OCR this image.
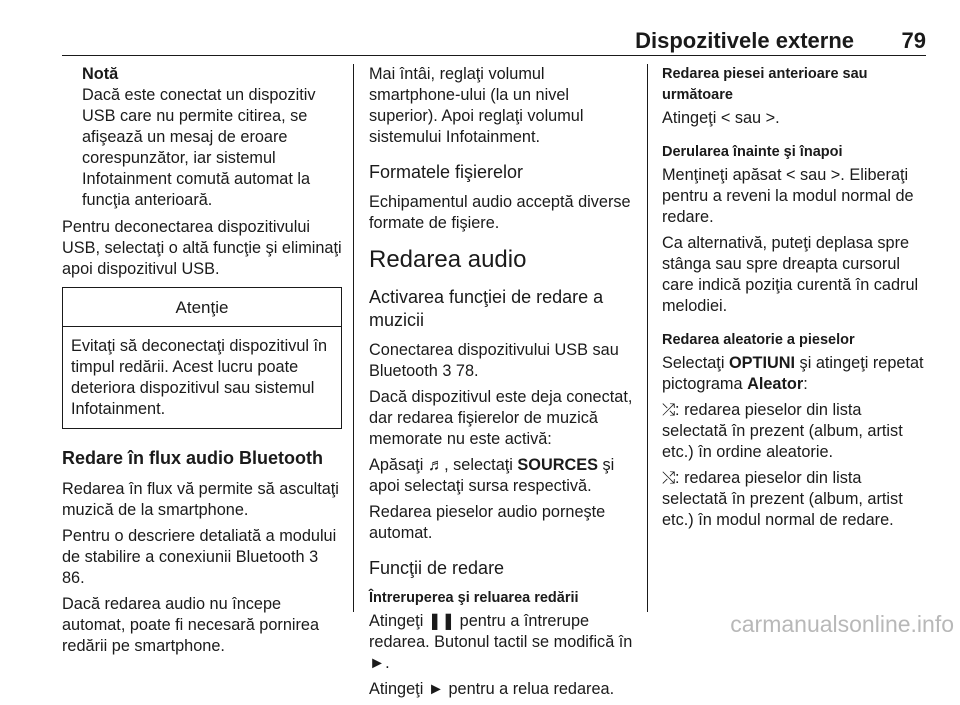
Dispozitivele externe 79
Notă
Dacă este conectat un dispozitiv USB care nu permite citirea, se afişează un mesaj de eroare corespunzător, iar sistemul Infotainment comută automat la funcţia anterioară.

Pentru deconectarea dispozitivului USB, selectaţi o altă funcţie şi eliminaţi apoi dispozitivul USB.

Atenţie
Evitaţi să deconectaţi dispozitivul în timpul redării. Acest lucru poate deteriora dispozitivul sau sistemul Infotainment.
Redare în flux audio Bluetooth

Redarea în flux vă permite să ascultaţi muzică de la smartphone.

Pentru o descriere detaliată a modului de stabilire a conexiunii Bluetooth 3 86.

Dacă redarea audio nu începe automat, poate fi necesară pornirea redării pe smartphone.

Mai întâi, reglaţi volumul smartphone-ului (la un nivel superior). Apoi reglaţi volumul sistemului Infotainment.

Formatele fişierelor

Echipamentul audio acceptă diverse formate de fişiere.

Redarea audio
Activarea funcţiei de redare a muzicii

Conectarea dispozitivului USB sau Bluetooth 3 78.

Dacă dispozitivul este deja conectat, dar redarea fişierelor de muzică memorate nu este activă:

Apăsaţi ♬, selectaţi SOURCES şi apoi selectaţi sursa respectivă.

Redarea pieselor audio porneşte automat.

Funcţii de redare

Întreruperea şi reluarea redării

Atingeţi ❚❚ pentru a întrerupe redarea. Butonul tactil se modifică în ►.

Atingeţi ► pentru a relua redarea.

Redarea piesei anterioare sau următoare

Atingeţi < sau >.

Derularea înainte şi înapoi

Menţineţi apăsat < sau >. Eliberaţi pentru a reveni la modul normal de redare.

Ca alternativă, puteţi deplasa spre stânga sau spre dreapta cursorul care indică poziţia curentă în cadrul melodiei.

Redarea aleatorie a pieselor

Selectaţi OPTIUNI şi atingeţi repetat pictograma Aleator:

⤮: redarea pieselor din lista selectată în prezent (album, artist etc.) în ordine aleatorie.

⤭: redarea pieselor din lista selectată în prezent (album, artist etc.) în modul normal de redare.

carmanualsonline.info
